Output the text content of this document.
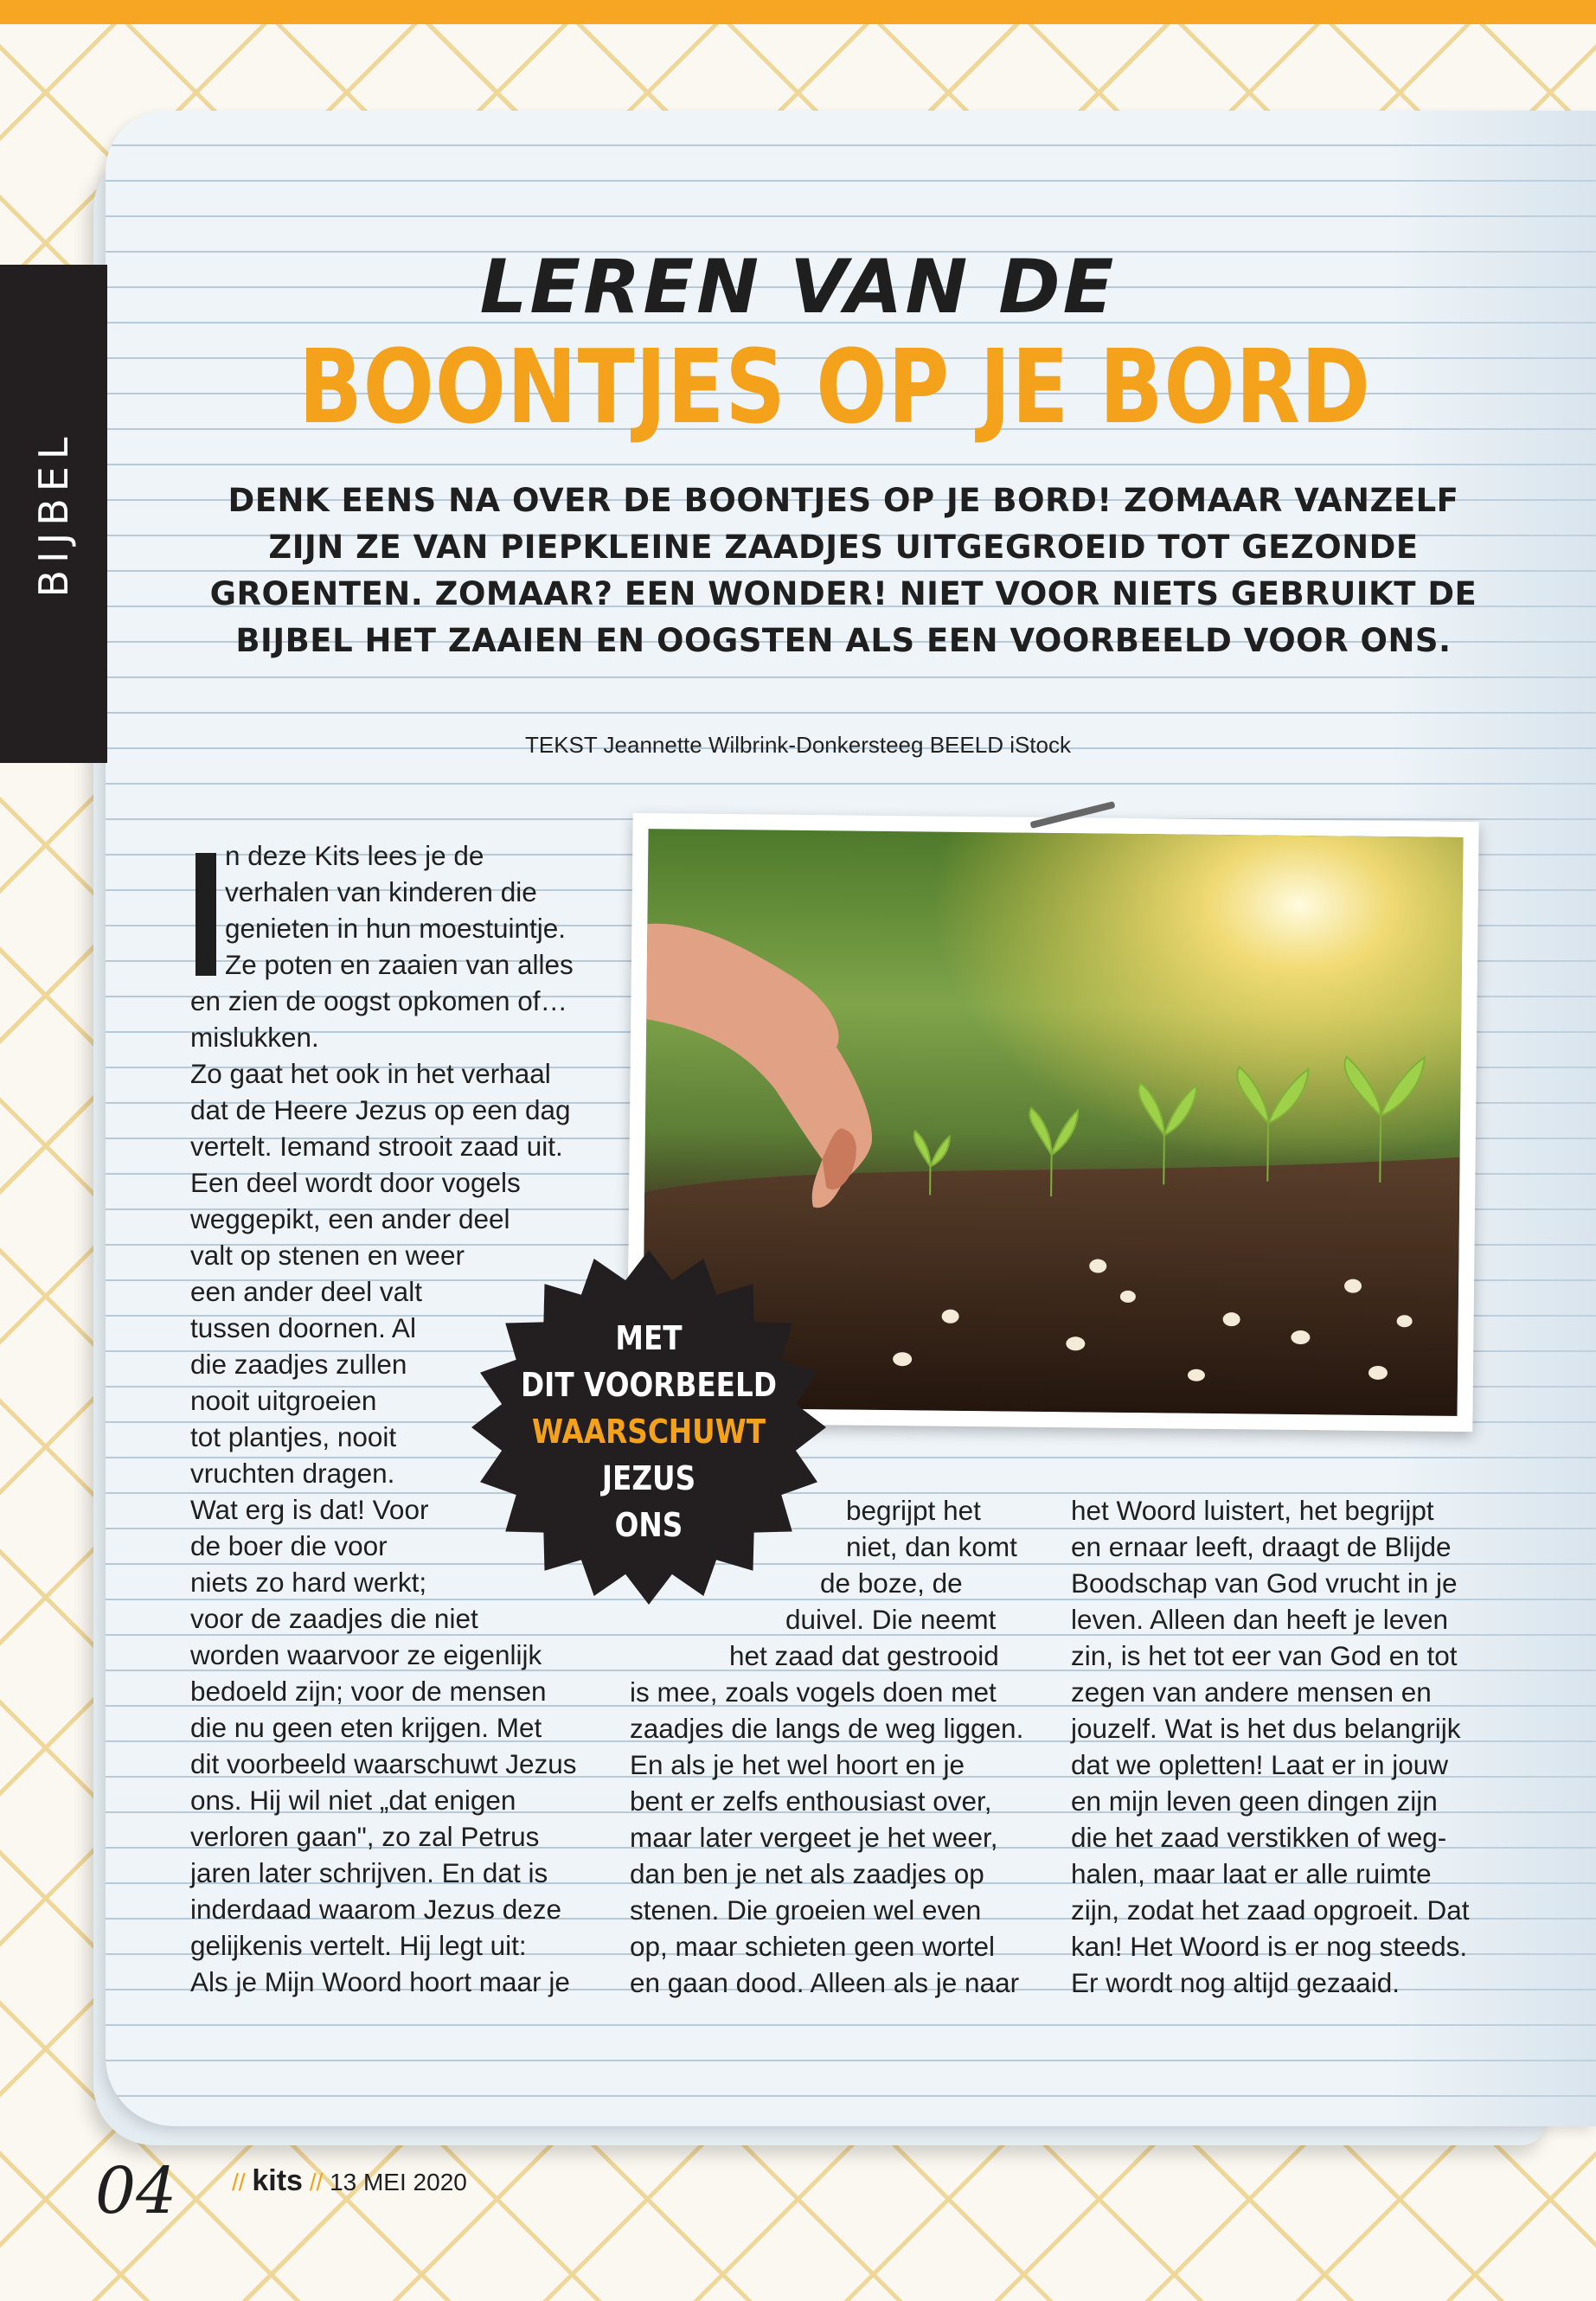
BIJBEL
LEREN VAN DE
BOONTJES OP JE BORD
DENK EENS NA OVER DE BOONTJES OP JE BORD! ZOMAAR VANZELF ZIJN ZE VAN PIEPKLEINE ZAADJES UITGEGROEID TOT GEZONDE GROENTEN. ZOMAAR? EEN WONDER! NIET VOOR NIETS GEBRUIKT DE BIJBEL HET ZAAIEN EN OOGSTEN ALS EEN VOORBEELD VOOR ONS.
TEKST Jeannette Wilbrink-Donkersteeg BEELD iStock
n deze Kits lees je de
verhalen van kinderen die
genieten in hun moestuintje.
Ze poten en zaaien van alles
en zien de oogst opkomen of…
mislukken.
Zo gaat het ook in het verhaal
dat de Heere Jezus op een dag
vertelt. Iemand strooit zaad uit.
Een deel wordt door vogels
weggepikt, een ander deel
valt op stenen en weer
een ander deel valt
tussen doornen. Al
die zaadjes zullen
nooit uitgroeien
tot plantjes, nooit
vruchten dragen.
Wat erg is dat! Voor
de boer die voor
niets zo hard werkt;
voor de zaadjes die niet
worden waarvoor ze eigenlijk
bedoeld zijn; voor de mensen
die nu geen eten krijgen. Met
dit voorbeeld waarschuwt Jezus
ons. Hij wil niet „dat enigen
verloren gaan", zo zal Petrus
jaren later schrijven. En dat is
inderdaad waarom Jezus deze
gelijkenis vertelt. Hij legt uit:
Als je Mijn Woord hoort maar je
begrijpt het
niet, dan komt
de boze, de
duivel. Die neemt
het zaad dat gestrooid
is mee, zoals vogels doen met
zaadjes die langs de weg liggen.
En als je het wel hoort en je
bent er zelfs enthousiast over,
maar later vergeet je het weer,
dan ben je net als zaadjes op
stenen. Die groeien wel even
op, maar schieten geen wortel
en gaan dood. Alleen als je naar
het Woord luistert, het begrijpt
en ernaar leeft, draagt de Blijde
Boodschap van God vrucht in je
leven. Alleen dan heeft je leven
zin, is het tot eer van God en tot
zegen van andere mensen en
jouzelf. Wat is het dus belangrijk
dat we opletten! Laat er in jouw
en mijn leven geen dingen zijn
die het zaad verstikken of weg-
halen, maar laat er alle ruimte
zijn, zodat het zaad opgroeit. Dat
kan! Het Woord is er nog steeds.
Er wordt nog altijd gezaaid.
MET
DIT VOORBEELD
WAARSCHUWT
JEZUS
ONS
04 // kits // 13 MEI 2020
